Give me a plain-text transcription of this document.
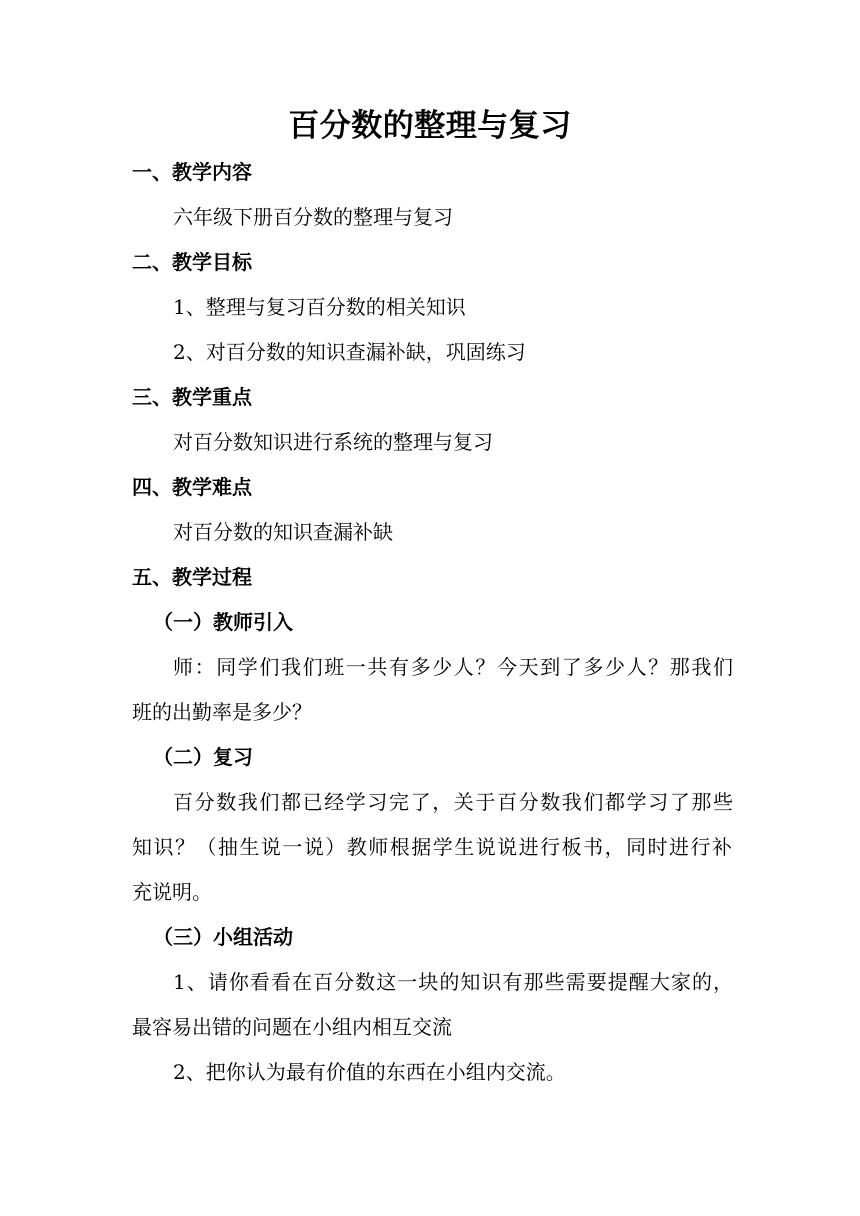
百分数的整理与复习
一、教学内容
六年级下册百分数的整理与复习
二、教学目标
1、整理与复习百分数的相关知识
2、对百分数的知识查漏补缺，巩固练习
三、教学重点
对百分数知识进行系统的整理与复习
四、教学难点
对百分数的知识查漏补缺
五、教学过程
（一）教师引入
师：同学们我们班一共有多少人？今天到了多少人？那我们
班的出勤率是多少？
（二）复习
百分数我们都已经学习完了，关于百分数我们都学习了那些
知识？（抽生说一说）教师根据学生说说进行板书，同时进行补
充说明。
（三）小组活动
1、请你看看在百分数这一块的知识有那些需要提醒大家的，
最容易出错的问题在小组内相互交流
2、把你认为最有价值的东西在小组内交流。
